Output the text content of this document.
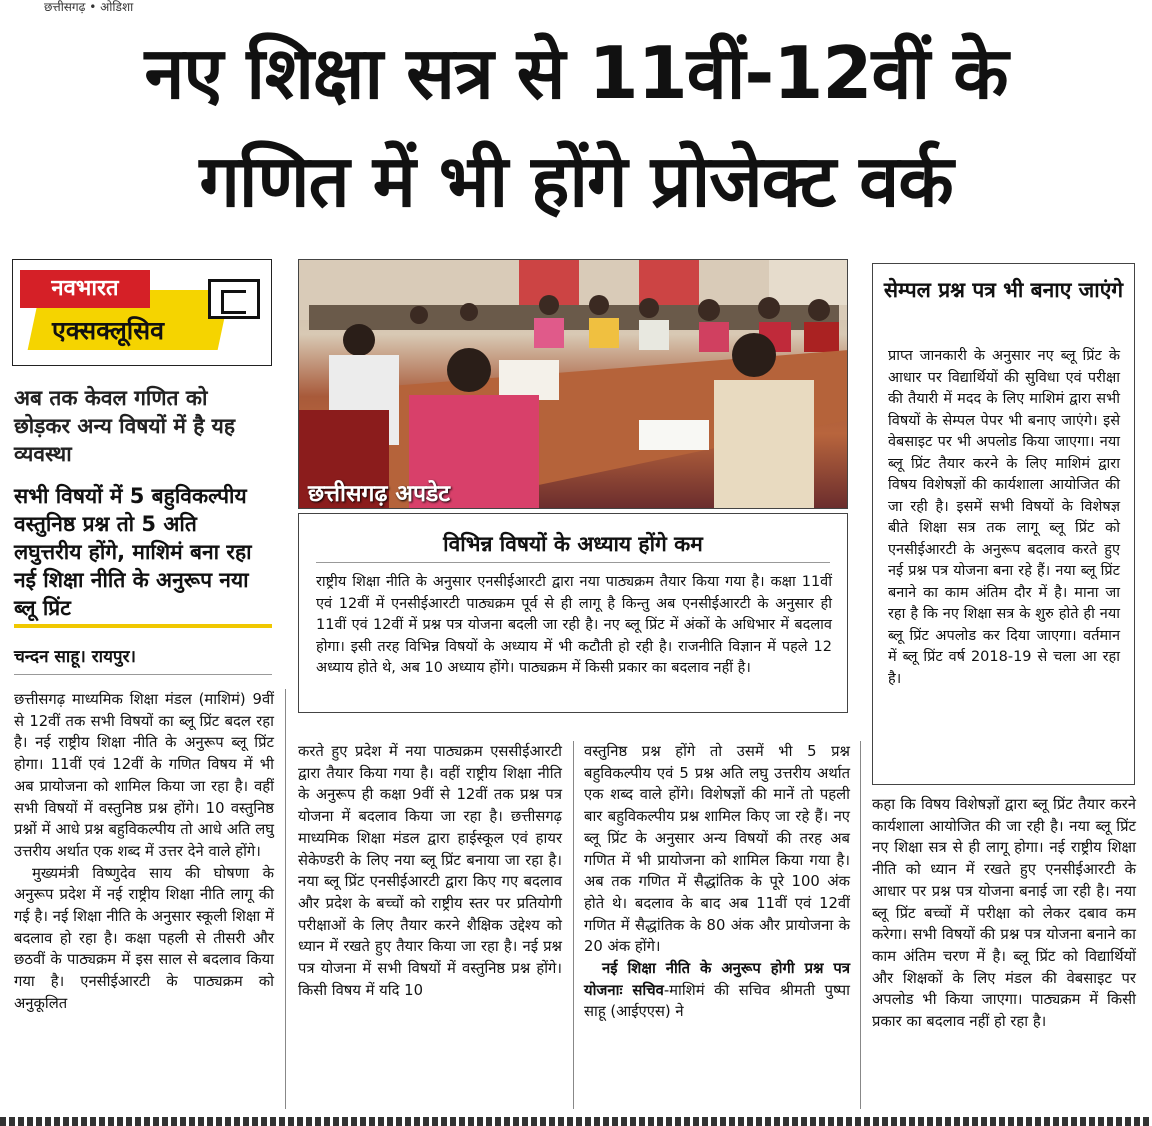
छत्तीसगढ़ • ओडिशा
नए शिक्षा सत्र से 11वीं-12वीं के
गणित में भी होंगे प्रोजेक्ट वर्क
नवभारत
एक्सक्लूसिव
अब तक केवल गणित को छोड़कर अन्य विषयों में है यह व्यवस्था
सभी विषयों में 5 बहुविकल्पीय वस्तुनिष्ठ प्रश्न तो 5 अति लघुत्तरीय होंगे, माशिमं बना रहा नई शिक्षा नीति के अनुरूप नया ब्लू प्रिंट
चन्दन साहू। रायपुर।
छत्तीसगढ़ अपडेट
विभिन्न विषयों के अध्याय होंगे कम
राष्ट्रीय शिक्षा नीति के अनुसार एनसीईआरटी द्वारा नया पाठ्यक्रम तैयार किया गया है। कक्षा 11वीं एवं 12वीं में एनसीईआरटी पाठ्यक्रम पूर्व से ही लागू है किन्तु अब एनसीईआरटी के अनुसार ही 11वीं एवं 12वीं में प्रश्न पत्र योजना बदली जा रही है। नए ब्लू प्रिंट में अंकों के अधिभार में बदलाव होगा। इसी तरह विभिन्न विषयों के अध्याय में भी कटौती हो रही है। राजनीति विज्ञान में पहले 12 अध्याय होते थे, अब 10 अध्याय होंगे। पाठ्यक्रम में किसी प्रकार का बदलाव नहीं है।
सेम्पल प्रश्न पत्र भी बनाए जाएंगे
प्राप्त जानकारी के अनुसार नए ब्लू प्रिंट के आधार पर विद्यार्थियों की सुविधा एवं परीक्षा की तैयारी में मदद के लिए माशिमं द्वारा सभी विषयों के सेम्पल पेपर भी बनाए जाएंगे। इसे वेबसाइट पर भी अपलोड किया जाएगा। नया ब्लू प्रिंट तैयार करने के लिए माशिमं द्वारा विषय विशेषज्ञों की कार्यशाला आयोजित की जा रही है। इसमें सभी विषयों के विशेषज्ञ बीते शिक्षा सत्र तक लागू ब्लू प्रिंट को एनसीईआरटी के अनुरूप बदलाव करते हुए नई प्रश्न पत्र योजना बना रहे हैं। नया ब्लू प्रिंट बनाने का काम अंतिम दौर में है। माना जा रहा है कि नए शिक्षा सत्र के शुरु होते ही नया ब्लू प्रिंट अपलोड कर दिया जाएगा। वर्तमान में ब्लू प्रिंट वर्ष 2018-19 से चला आ रहा है।

छत्तीसगढ़ माध्यमिक शिक्षा मंडल (माशिमं) 9वीं से 12वीं तक सभी विषयों का ब्लू प्रिंट बदल रहा है। नई राष्ट्रीय शिक्षा नीति के अनुरूप ब्लू प्रिंट होगा। 11वीं एवं 12वीं के गणित विषय में भी अब प्रायोजना को शामिल किया जा रहा है। वहीं सभी विषयों में वस्तुनिष्ठ प्रश्न होंगे। 10 वस्तुनिष्ठ प्रश्नों में आधे प्रश्न बहुविकल्पीय तो आधे अति लघु उत्तरीय अर्थात एक शब्द में उत्तर देने वाले होंगे।

मुख्यमंत्री विष्णुदेव साय की घोषणा के अनुरूप प्रदेश में नई राष्ट्रीय शिक्षा नीति लागू की गई है। नई शिक्षा नीति के अनुसार स्कूली शिक्षा में बदलाव हो रहा है। कक्षा पहली से तीसरी और छठवीं के पाठ्यक्रम में इस साल से बदलाव किया गया है। एनसीईआरटी के पाठ्यक्रम को अनुकूलित

करते हुए प्रदेश में नया पाठ्यक्रम एससीईआरटी द्वारा तैयार किया गया है। वहीं राष्ट्रीय शिक्षा नीति के अनुरूप ही कक्षा 9वीं से 12वीं तक प्रश्न पत्र योजना में बदलाव किया जा रहा है। छत्तीसगढ़ माध्यमिक शिक्षा मंडल द्वारा हाईस्कूल एवं हायर सेकेण्डरी के लिए नया ब्लू प्रिंट बनाया जा रहा है। नया ब्लू प्रिंट एनसीईआरटी द्वारा किए गए बदलाव और प्रदेश के बच्चों को राष्ट्रीय स्तर पर प्रतियोगी परीक्षाओं के लिए तैयार करने शैक्षिक उद्देश्य को ध्यान में रखते हुए तैयार किया जा रहा है। नई प्रश्न पत्र योजना में सभी विषयों में वस्तुनिष्ठ प्रश्न होंगे। किसी विषय में यदि 10

वस्तुनिष्ठ प्रश्न होंगे तो उसमें भी 5 प्रश्न बहुविकल्पीय एवं 5 प्रश्न अति लघु उत्तरीय अर्थात एक शब्द वाले होंगे। विशेषज्ञों की मानें तो पहली बार बहुविकल्पीय प्रश्न शामिल किए जा रहे हैं। नए ब्लू प्रिंट के अनुसार अन्य विषयों की तरह अब गणित में भी प्रायोजना को शामिल किया गया है। अब तक गणित में सैद्धांतिक के पूरे 100 अंक होते थे। बदलाव के बाद अब 11वीं एवं 12वीं गणित में सैद्धांतिक के 80 अंक और प्रायोजना के 20 अंक होंगे।

नई शिक्षा नीति के अनुरूप होगी प्रश्न पत्र योजनाः सचिव-माशिमं की सचिव श्रीमती पुष्पा साहू (आईएएस) ने

कहा कि विषय विशेषज्ञों द्वारा ब्लू प्रिंट तैयार करने कार्यशाला आयोजित की जा रही है। नया ब्लू प्रिंट नए शिक्षा सत्र से ही लागू होगा। नई राष्ट्रीय शिक्षा नीति को ध्यान में रखते हुए एनसीईआरटी के आधार पर प्रश्न पत्र योजना बनाई जा रही है। नया ब्लू प्रिंट बच्चों में परीक्षा को लेकर दबाव कम करेगा। सभी विषयों की प्रश्न पत्र योजना बनाने का काम अंतिम चरण में है। ब्लू प्रिंट को विद्यार्थियों और शिक्षकों के लिए मंडल की वेबसाइट पर अपलोड भी किया जाएगा। पाठ्यक्रम में किसी प्रकार का बदलाव नहीं हो रहा है।
